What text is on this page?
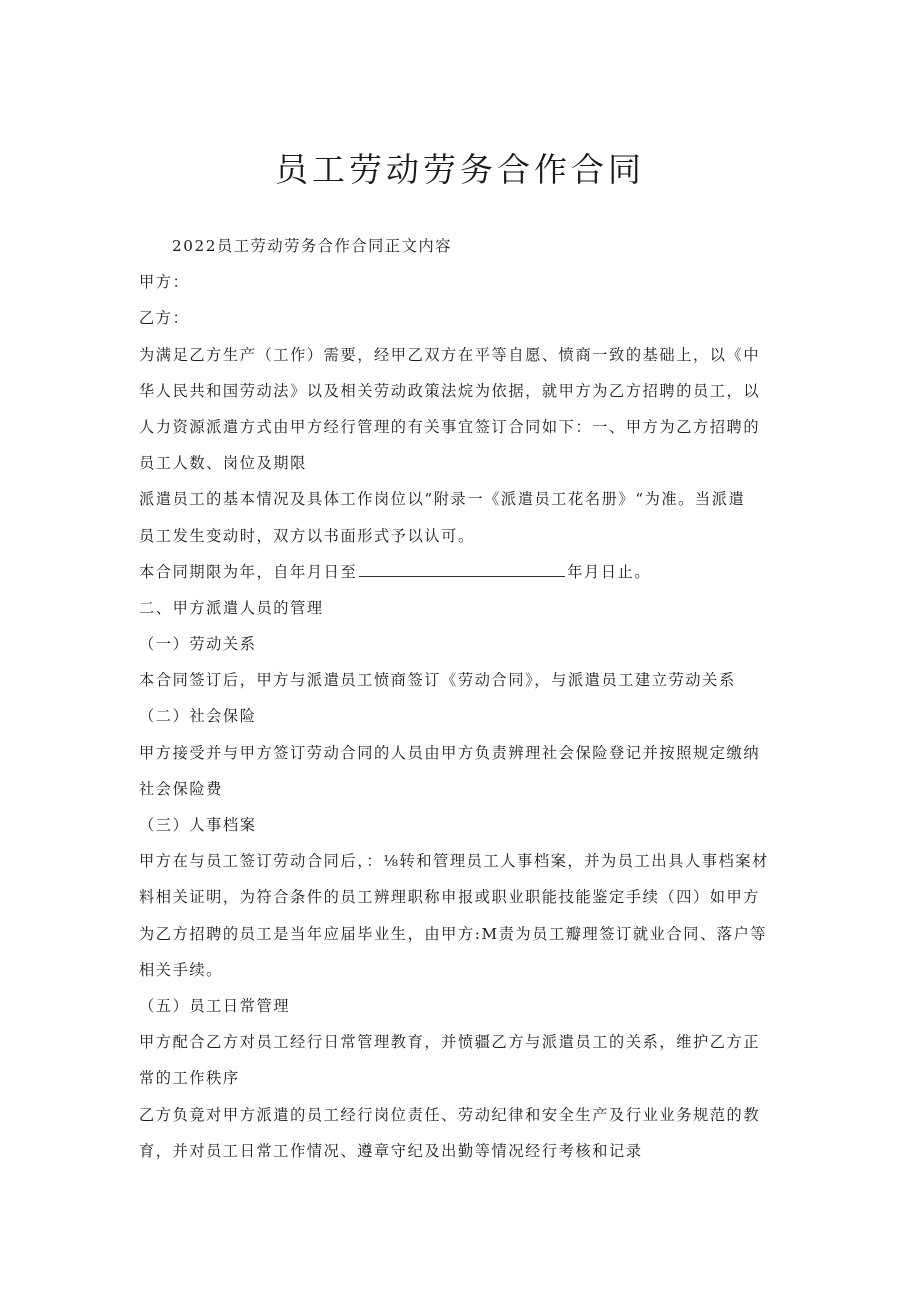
员工劳动劳务合作合同
2022员工劳动劳务合作合同正文内容
甲方：
乙方：
为满足乙方生产（工作）需要，经甲乙双方在平等自愿、愤商一致的基础上，以《中
华人民共和国劳动法》以及相关劳动政策法烷为依据，就甲方为乙方招聘的员工，以
人力资源派遣方式由甲方经行管理的有关事宜签订合同如下：一、甲方为乙方招聘的
员工人数、岗位及期限
派遣员工的基本情况及具体工作岗位以“附录一《派遣员工花名册》“为准。当派遣
员工发生变动时，双方以书面形式予以认可。
本合同期限为年，自年月日至	年月日止。
二、甲方派遣人员的管理
（一）劳动关系
本合同签订后，甲方与派遣员工愤商签订《劳动合同》，与派遣员工建立劳动关系
（二）社会保险
甲方接受并与甲方签订劳动合同的人员由甲方负责辨理社会保险登记并按照规定缴纳
社会保险费
（三）人事档案
甲方在与员工签订劳动合同后，：⅛转和管理员工人事档案，并为员工出具人事档案材
料相关证明，为符合条件的员工辨理职称申报或职业职能技能鉴定手续（四）如甲方
为乙方招聘的员工是当年应届毕业生，由甲方:M责为员工瓣理签订就业合同、落户等
相关手续。
（五）员工日常管理
甲方配合乙方对员工经行日常管理教育，并愤疆乙方与派遣员工的关系，维护乙方正
常的工作秩序
乙方负竟对甲方派遣的员工经行岗位责任、劳动纪律和安全生产及行业业务规范的教
育，并对员工日常工作情况、遵章守纪及出勤等情况经行考核和记录
